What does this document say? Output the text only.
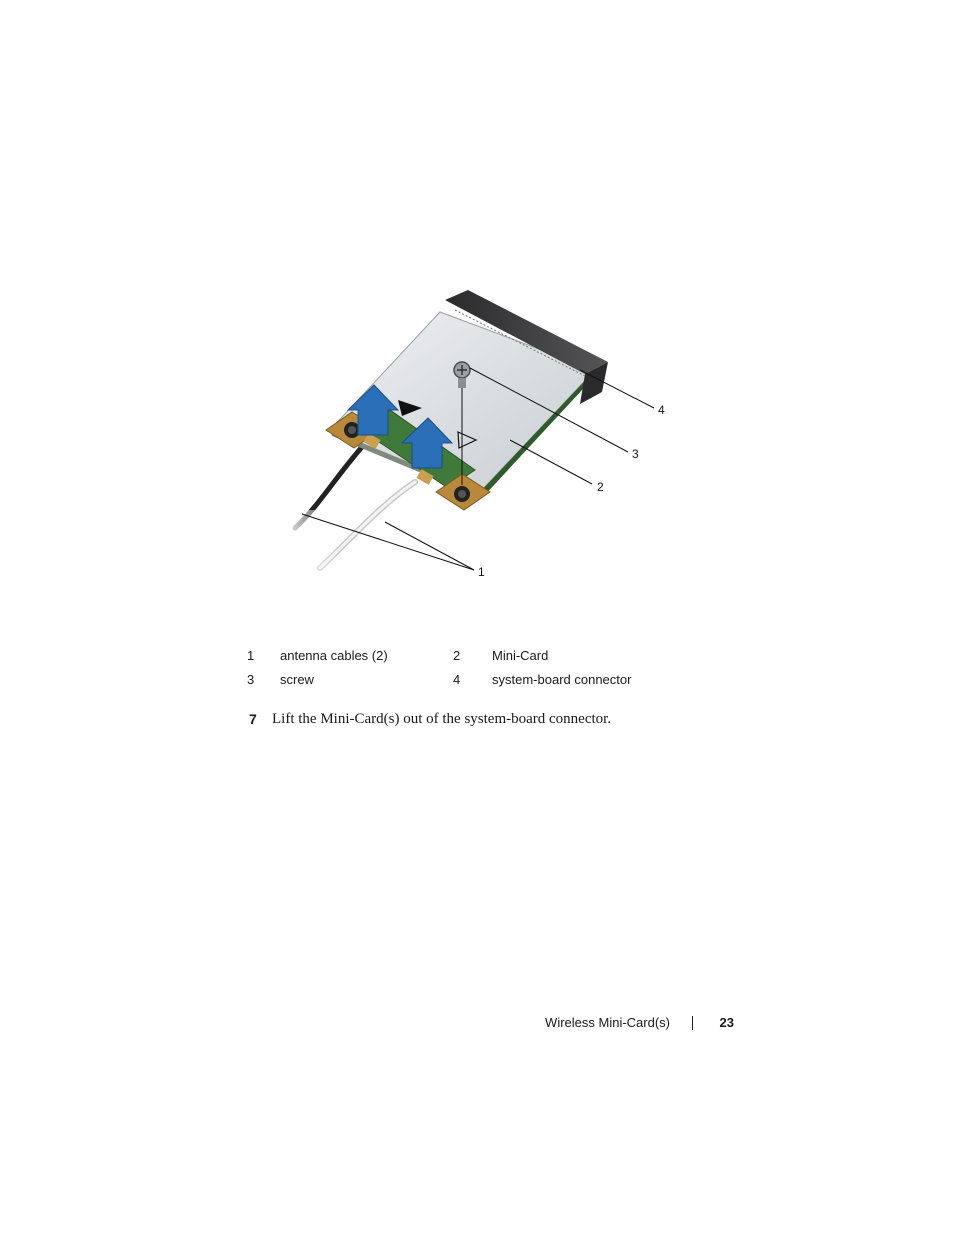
4
3
2
1
1	antenna cables (2)	2	Mini-Card
3	screw	4	system-board connector
7 Lift the Mini-Card(s) out of the system-board connector.
Wireless Mini-Card(s)	23
